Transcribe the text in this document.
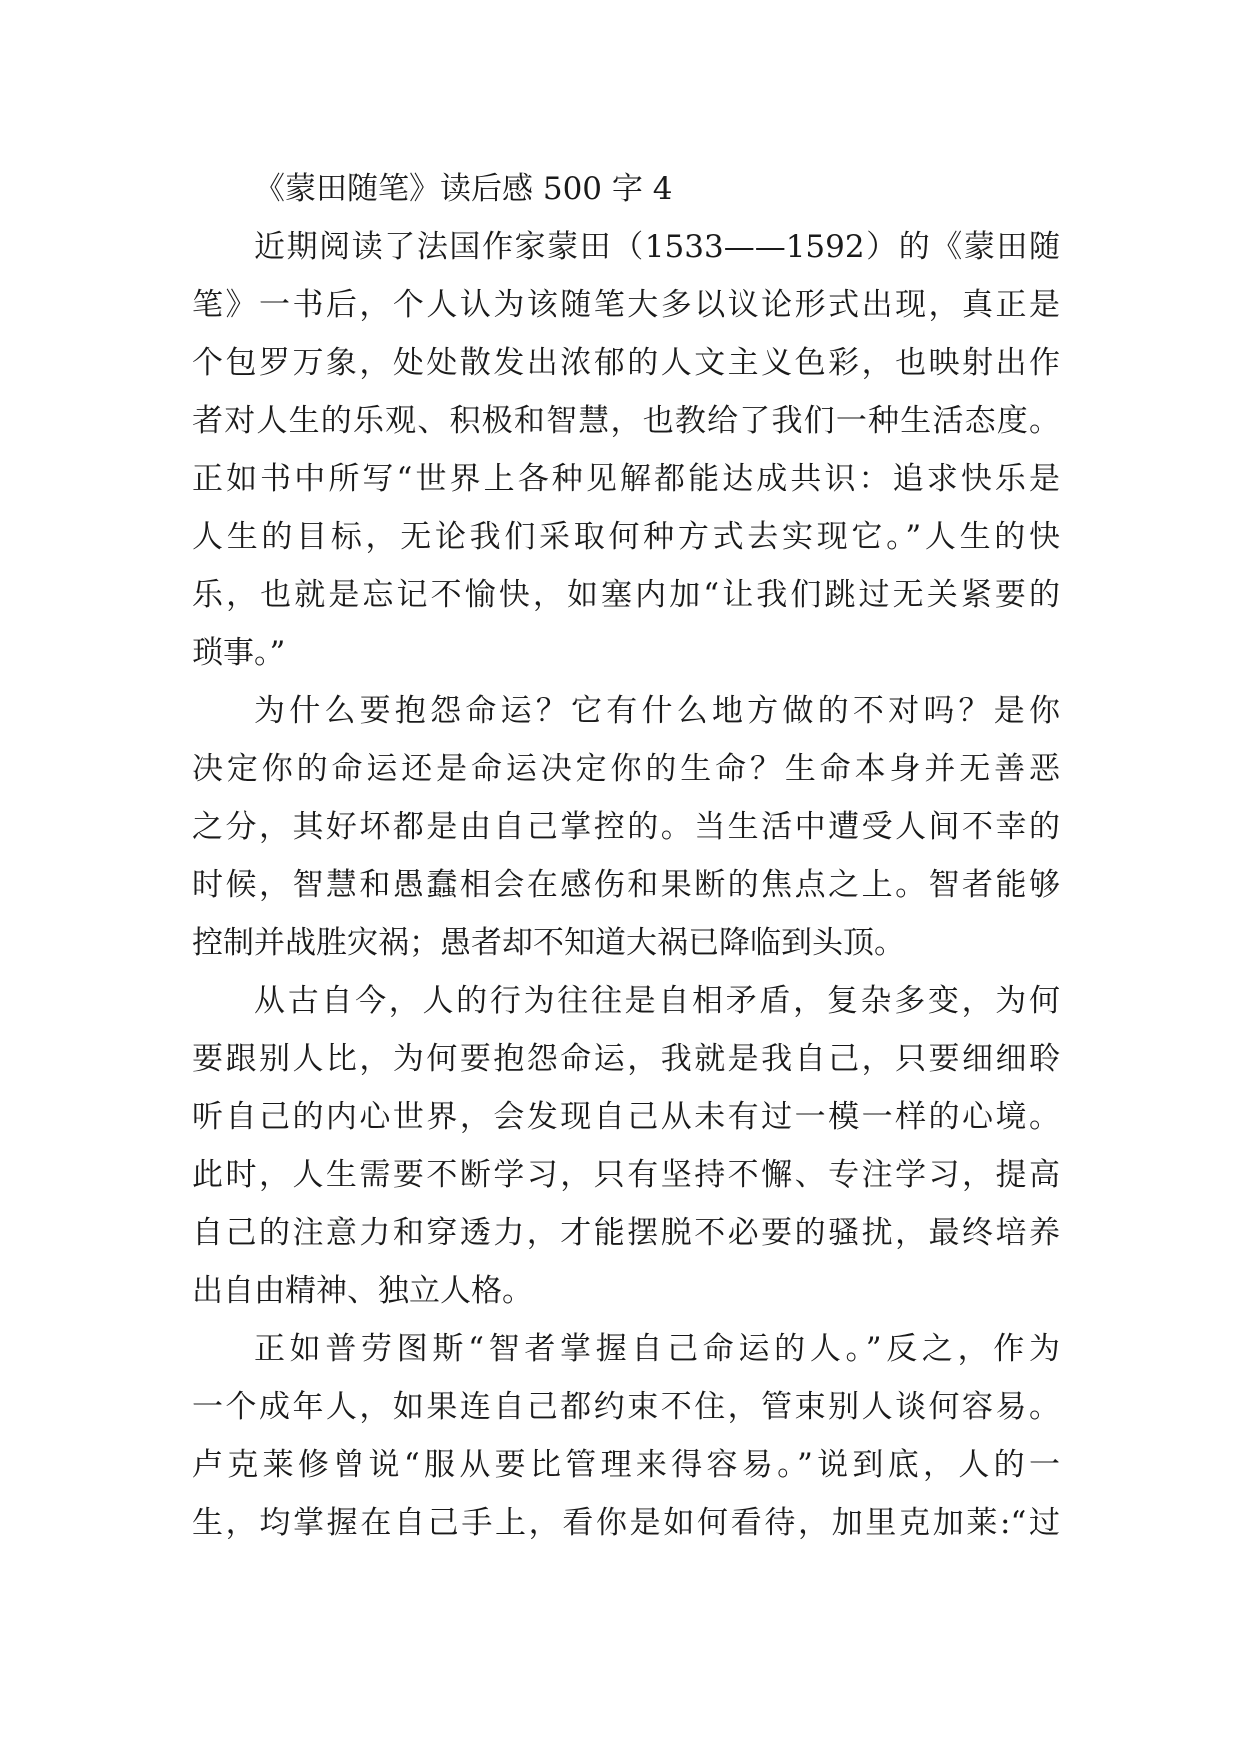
《蒙田随笔》读后感 500 字 4
近期阅读了法国作家蒙田（1533——1592）的《蒙田随
笔》一书后，个人认为该随笔大多以议论形式出现，真正是
个包罗万象，处处散发出浓郁的人文主义色彩，也映射出作
者对人生的乐观、积极和智慧，也教给了我们一种生活态度。
正如书中所写“世界上各种见解都能达成共识：追求快乐是
人生的目标，无论我们采取何种方式去实现它。”人生的快
乐，也就是忘记不愉快，如塞内加“让我们跳过无关紧要的
琐事。”
为什么要抱怨命运？它有什么地方做的不对吗？是你
决定你的命运还是命运决定你的生命？生命本身并无善恶
之分，其好坏都是由自己掌控的。当生活中遭受人间不幸的
时候，智慧和愚蠢相会在感伤和果断的焦点之上。智者能够
控制并战胜灾祸；愚者却不知道大祸已降临到头顶。
从古自今，人的行为往往是自相矛盾，复杂多变，为何
要跟别人比，为何要抱怨命运，我就是我自己，只要细细聆
听自己的内心世界，会发现自己从未有过一模一样的心境。
此时，人生需要不断学习，只有坚持不懈、专注学习，提高
自己的注意力和穿透力，才能摆脱不必要的骚扰，最终培养
出自由精神、独立人格。
正如普劳图斯“智者掌握自己命运的人。”反之，作为
一个成年人，如果连自己都约束不住，管束别人谈何容易。
卢克莱修曾说“服从要比管理来得容易。”说到底，人的一
生，均掌握在自己手上，看你是如何看待，加里克加莱:“过
